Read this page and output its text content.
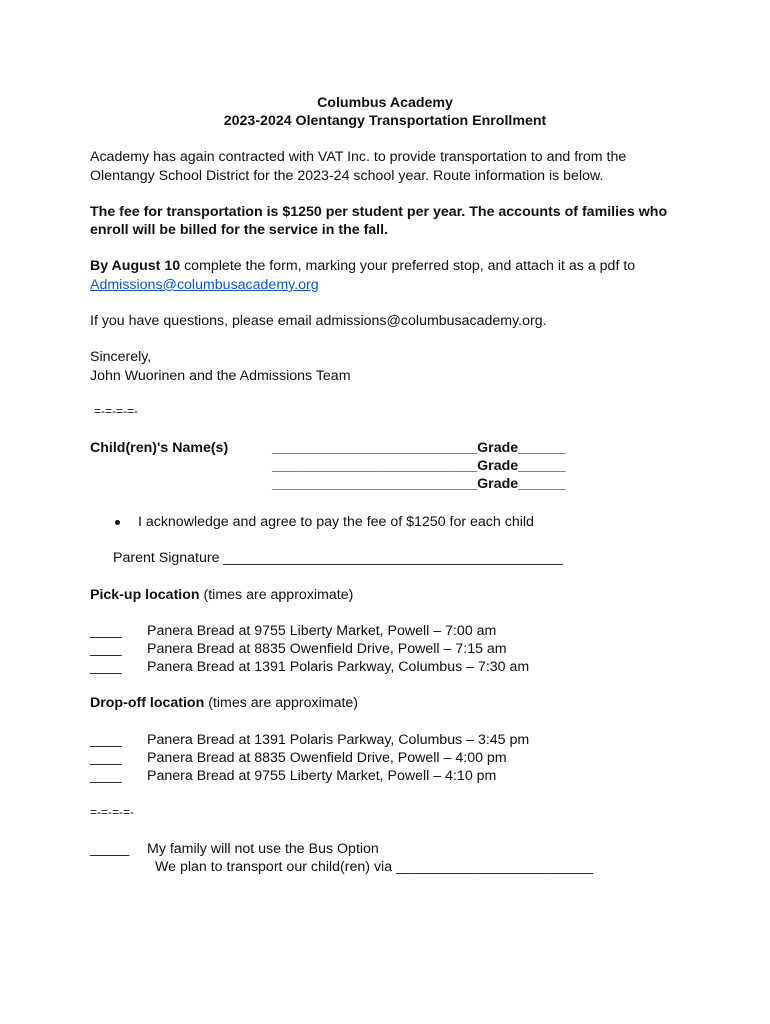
Columbus Academy
2023-2024 Olentangy Transportation Enrollment
Academy has again contracted with VAT Inc. to provide transportation to and from the
Olentangy School District for the 2023-24 school year. Route information is below.
The fee for transportation is $1250 per student per year. The accounts of families who
enroll will be billed for the service in the fall.
By August 10 complete the form, marking your preferred stop, and attach it as a pdf to
Admissions@columbusacademy.org
If you have questions, please email admissions@columbusacademy.org.
Sincerely,
John Wuorinen and the Admissions Team
=-=-=-=-
Child(ren)'s Name(s)	__________________________Grade______
__________________________Grade______
__________________________Grade______
I acknowledge and agree to pay the fee of $1250 for each child
Parent Signature ___________________________________________
Pick-up location (times are approximate)
____ Panera Bread at 9755 Liberty Market, Powell – 7:00 am
____ Panera Bread at 8835 Owenfield Drive, Powell – 7:15 am
____ Panera Bread at 1391 Polaris Parkway, Columbus – 7:30 am
Drop-off location (times are approximate)
____ Panera Bread at 1391 Polaris Parkway, Columbus – 3:45 pm
____ Panera Bread at 8835 Owenfield Drive, Powell – 4:00 pm
____ Panera Bread at 9755 Liberty Market, Powell – 4:10 pm
=-=-=-=-
_____ My family will not use the Bus Option
We plan to transport our child(ren) via _________________________
